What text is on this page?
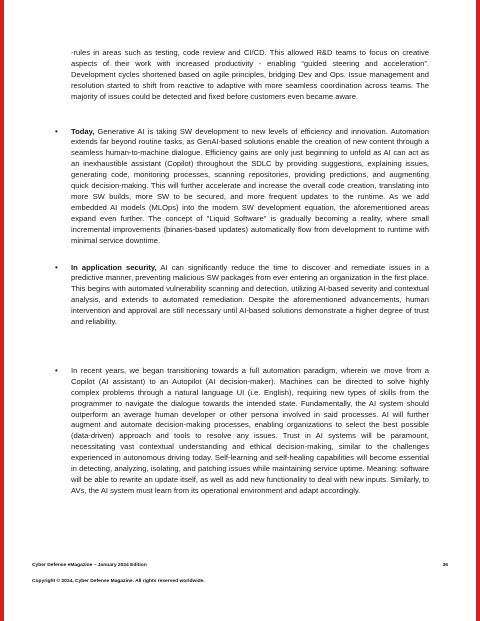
-rules in areas such as testing, code review and CI/CD. This allowed R&D teams to focus on creative aspects of their work with increased productivity - enabling “guided steering and acceleration”. Development cycles shortened based on agile principles, bridging Dev and Ops. Issue management and resolution started to shift from reactive to adaptive with more seamless coordination across teams. The majority of issues could be detected and fixed before customers even became aware.

• Today, Generative AI is taking SW development to new levels of efficiency and innovation. Automation extends far beyond routine tasks, as GenAI-based solutions enable the creation of new content through a seamless human-to-machine dialogue. Efficiency gains are only just beginning to unfold as AI can act as an inexhaustible assistant (Copilot) throughout the SDLC by providing suggestions, explaining issues, generating code, monitoring processes, scanning repositories, providing predictions, and augmenting quick decision-making. This will further accelerate and increase the overall code creation, translating into more SW builds, more SW to be secured, and more frequent updates to the runtime. As we add embedded AI models (MLOps) into the modern SW development equation, the aforementioned areas expand even further. The concept of "Liquid Software" is gradually becoming a reality, where small incremental improvements (binaries-based updates) automatically flow from development to runtime with minimal service downtime.

• In application security, AI can significantly reduce the time to discover and remediate issues in a predictive manner, preventing malicious SW packages from ever entering an organization in the first place. This begins with automated vulnerability scanning and detection, utilizing AI-based severity and contextual analysis, and extends to automated remediation. Despite the aforementioned advancements, human intervention and approval are still necessary until AI-based solutions demonstrate a higher degree of trust and reliability.

• In recent years, we began transitioning towards a full automation paradigm, wherein we move from a Copilot (AI assistant) to an Autopilot (AI decision-maker). Machines can be directed to solve highly complex problems through a natural language UI (i.e. English), requiring new types of skills from the programmer to navigate the dialogue towards the intended state. Fundamentally, the AI system should outperform an average human developer or other persona involved in said processes. AI will further augment and automate decision-making processes, enabling organizations to select the best possible (data-driven) approach and tools to resolve any issues. Trust in AI systems will be paramount, necessitating vast contextual understanding and ethical decision-making, similar to the challenges experienced in autonomous driving today. Self-learning and self-healing capabilities will become essential in detecting, analyzing, isolating, and patching issues while maintaining service uptime. Meaning: software will be able to rewrite an update itself, as well as add new functionality to deal with new inputs. Similarly, to AVs, the AI system must learn from its operational environment and adapt accordingly.

Cyber Defense eMagazine – January 2024 Edition	36
Copyright © 2024, Cyber Defense Magazine. All rights reserved worldwide.
